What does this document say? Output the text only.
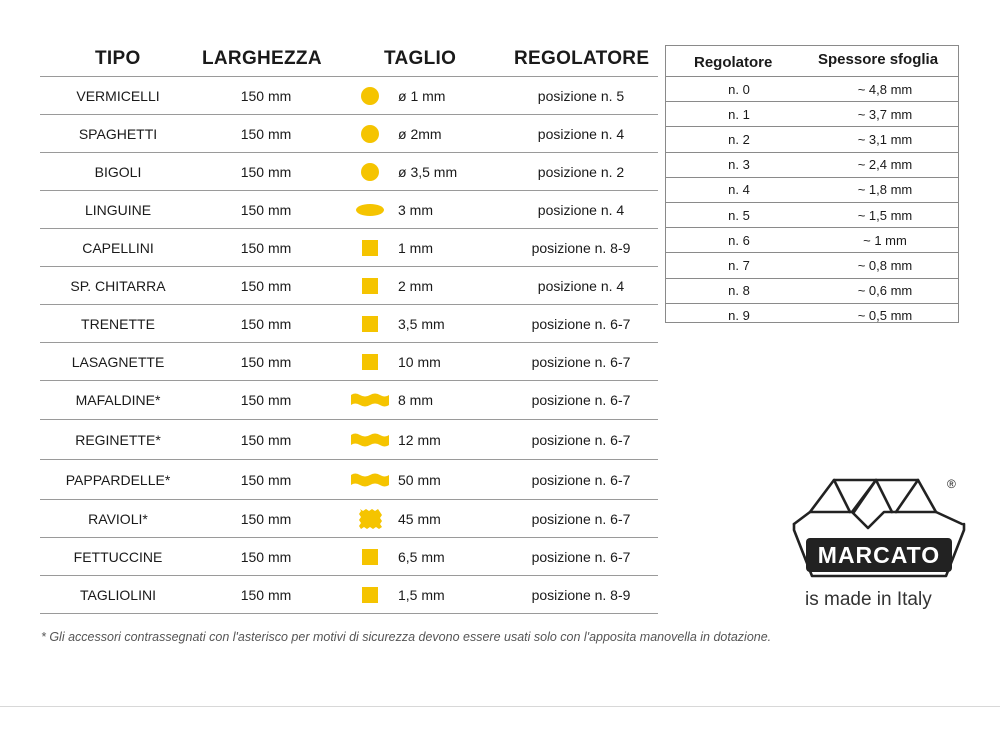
TIPO	LARGHEZZA	TAGLIO	REGOLATORE
VERMICELLI	150 mm	ø 1 mm	posizione n. 5
SPAGHETTI	150 mm	ø 2mm	posizione n. 4
BIGOLI	150 mm	ø 3,5 mm	posizione n. 2
LINGUINE	150 mm	3 mm	posizione n. 4
CAPELLINI	150 mm	1 mm	posizione n. 8-9
SP. CHITARRA	150 mm	2 mm	posizione n. 4
TRENETTE	150 mm	3,5 mm	posizione n. 6-7
LASAGNETTE	150 mm	10 mm	posizione n. 6-7
MAFALDINE*	150 mm	8 mm	posizione n. 6-7
REGINETTE*	150 mm	12 mm	posizione n. 6-7
PAPPARDELLE*	150 mm	50 mm	posizione n. 6-7
RAVIOLI*	150 mm	45 mm	posizione n. 6-7
FETTUCCINE	150 mm	6,5 mm	posizione n. 6-7
TAGLIOLINI	150 mm	1,5 mm	posizione n. 8-9
Regolatore	Spessore sfoglia
n. 0	~ 4,8 mm
n. 1	~ 3,7 mm
n. 2	~ 3,1 mm
n. 3	~ 2,4 mm
n. 4	~ 1,8 mm
n. 5	~ 1,5 mm
n. 6	~ 1 mm
n. 7	~ 0,8 mm
n. 8	~ 0,6 mm
n. 9	~ 0,5 mm
MARCATO
®
is made in Italy
* Gli accessori contrassegnati con l'asterisco per motivi di sicurezza devono essere usati solo con l'apposita manovella in dotazione.
